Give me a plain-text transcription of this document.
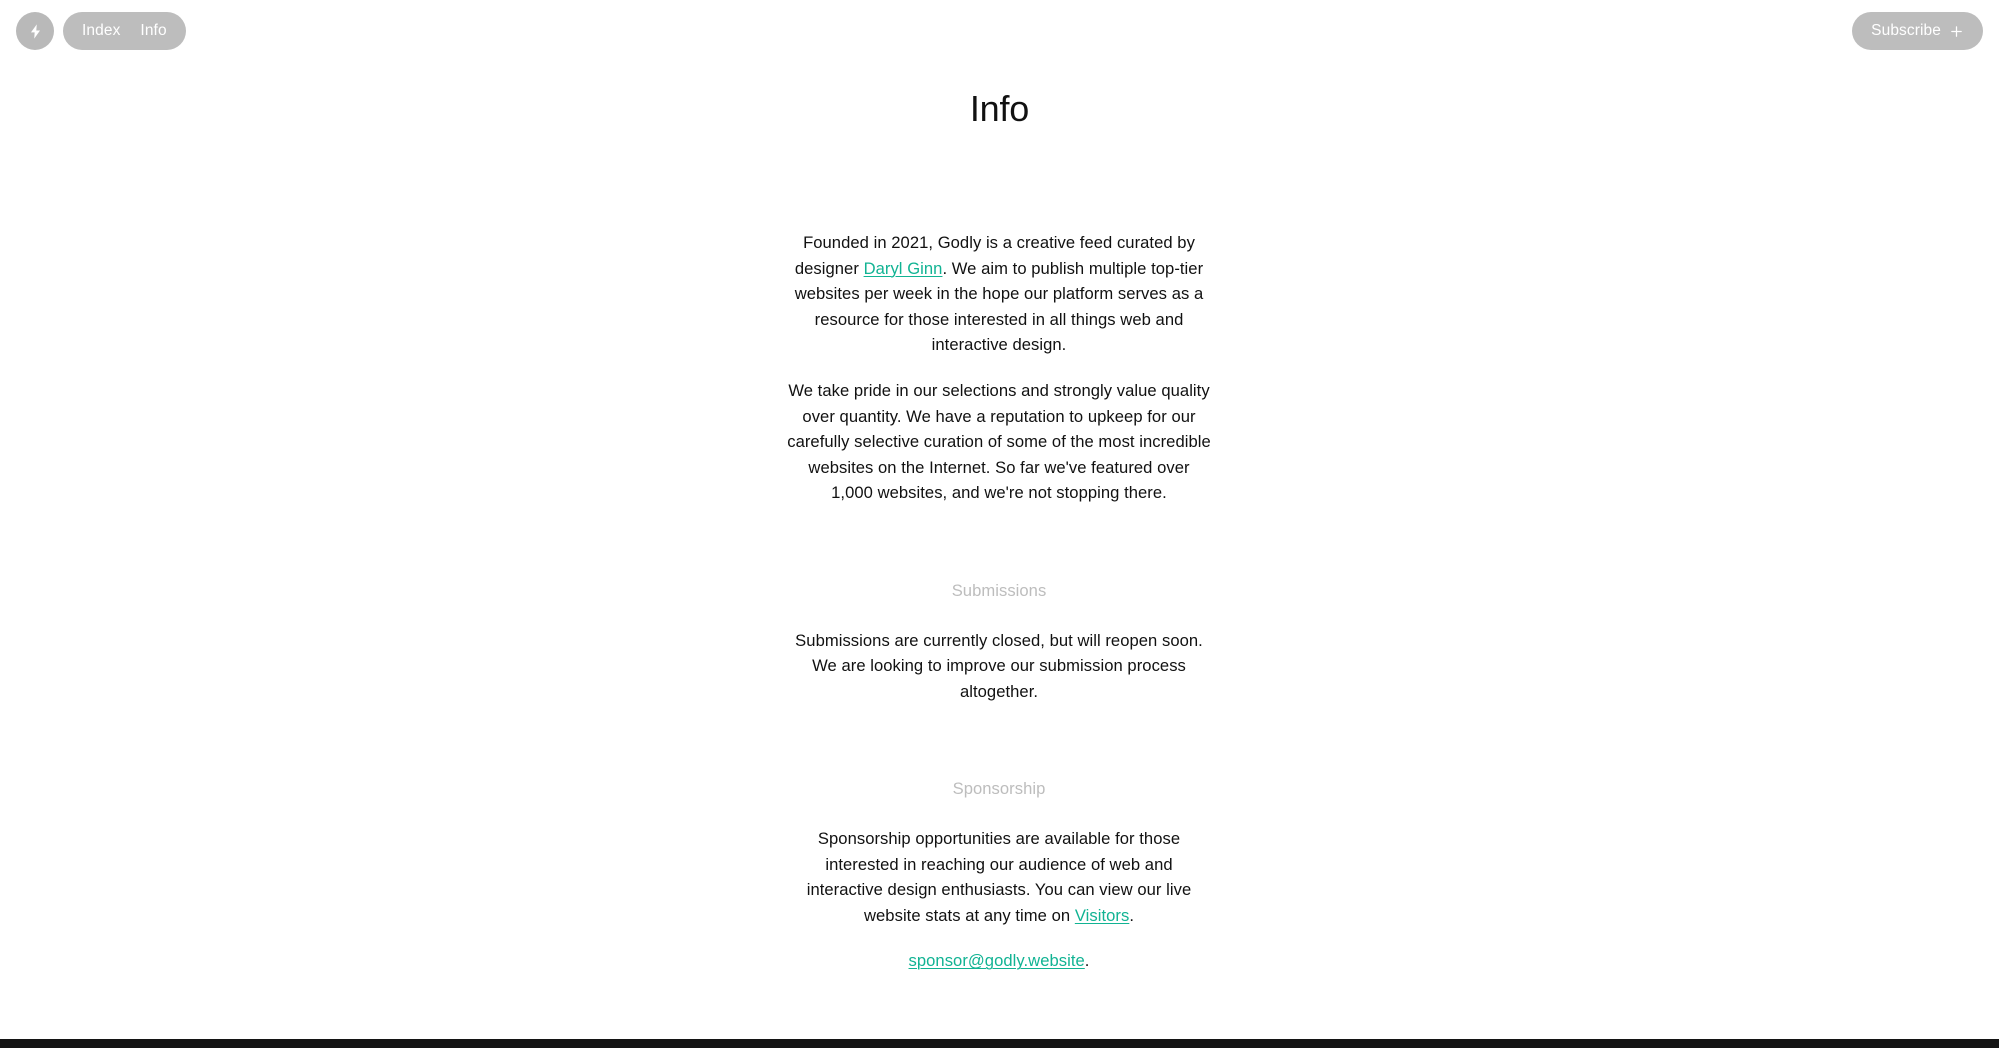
Index	Info	Subscribe
Info

Founded in 2021, Godly is a creative feed curated by designer Daryl Ginn. We aim to publish multiple top-tier websites per week in the hope our platform serves as a resource for those interested in all things web and interactive design.

We take pride in our selections and strongly value quality over quantity. We have a reputation to upkeep for our carefully selective curation of some of the most incredible websites on the Internet. So far we've featured over 1,000 websites, and we're not stopping there.

Submissions

Submissions are currently closed, but will reopen soon. We are looking to improve our submission process altogether.

Sponsorship

Sponsorship opportunities are available for those interested in reaching our audience of web and interactive design enthusiasts. You can view our live website stats at any time on Visitors.

sponsor@godly.website.
